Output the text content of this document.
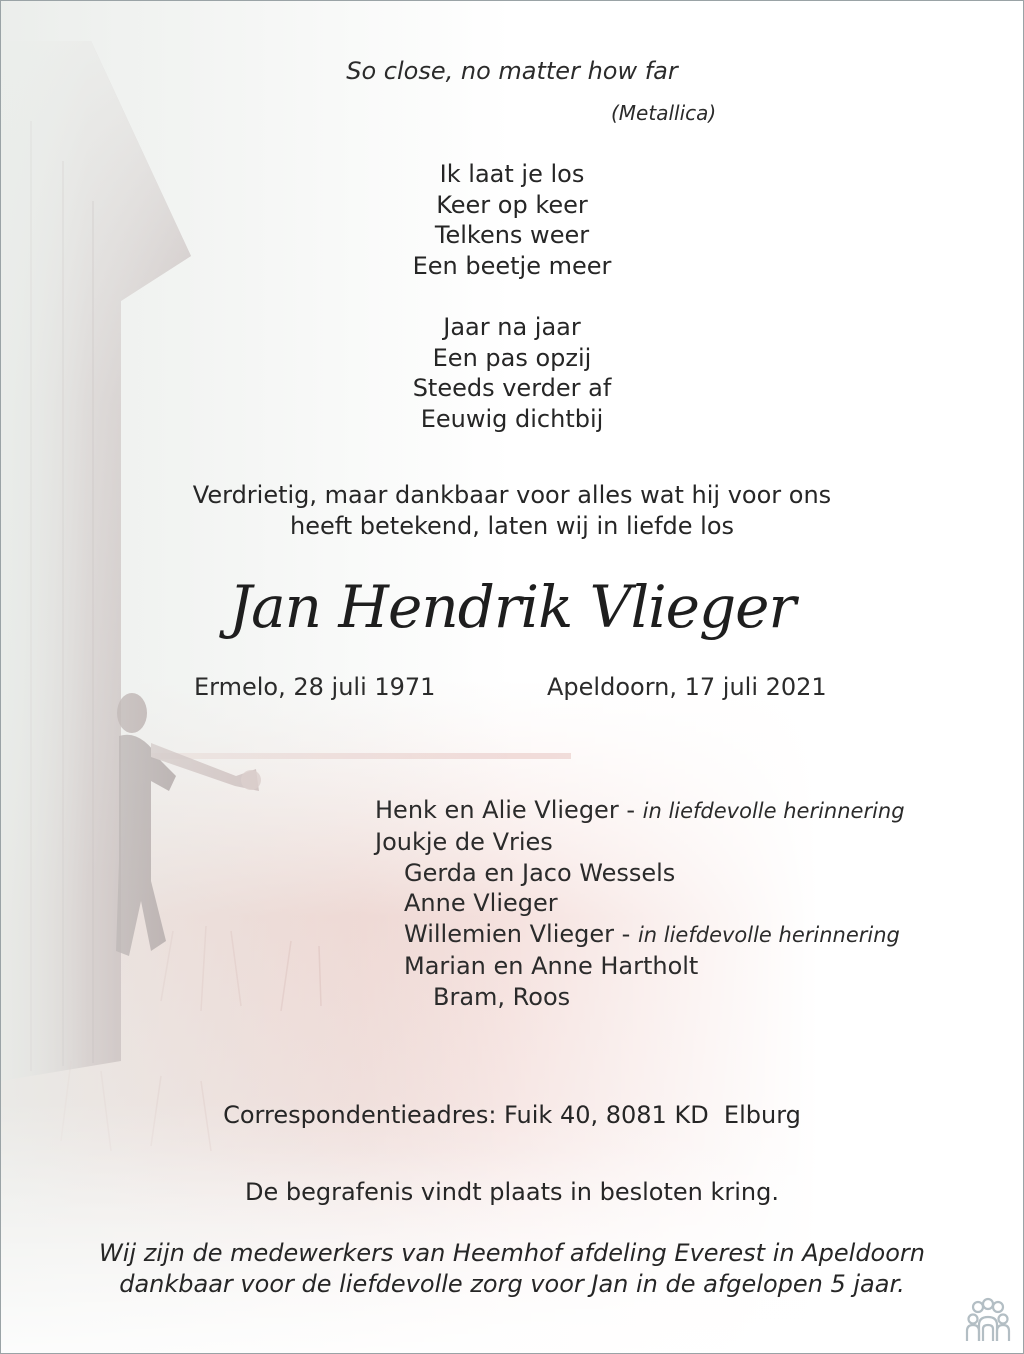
So close, no matter how far
(Metallica)
Ik laat je los
Keer op keer
Telkens weer
Een beetje meer
Jaar na jaar
Een pas opzij
Steeds verder af
Eeuwig dichtbij
Verdrietig, maar dankbaar voor alles wat hij voor ons
heeft betekend, laten wij in liefde los
Jan Hendrik Vlieger
Ermelo, 28 juli 1971	Apeldoorn, 17 juli 2021
Henk en Alie Vlieger - in liefdevolle herinnering
Joukje de Vries
Gerda en Jaco Wessels
Anne Vlieger
Willemien Vlieger - in liefdevolle herinnering
Marian en Anne Hartholt
Bram, Roos
Correspondentieadres: Fuik 40, 8081 KD  Elburg
De begrafenis vindt plaats in besloten kring.
Wij zijn de medewerkers van Heemhof afdeling Everest in Apeldoorn
dankbaar voor de liefdevolle zorg voor Jan in de afgelopen 5 jaar.
